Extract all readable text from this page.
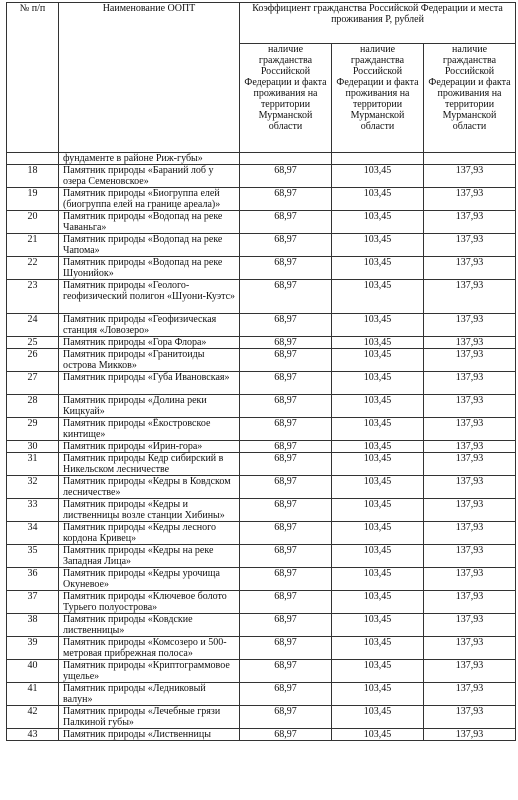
№ п/п	Наименование ООПТ	Коэффициент гражданства Российской Федерации и места проживания Р, рублей		
		наличие гражданства Российской Федерации и факта проживания на территории Мурманской области	наличие гражданства Российской Федерации и факта проживания на территории Мурманской области	наличие гражданства Российской Федерации и факта проживания на территории Мурманской области
	фундаменте в районе Риж-губы»			
18	Памятник природы «Бараний лоб у озера Семеновское»	68,97	103,45	137,93
19	Памятник природы «Биогруппа елей (биогруппа елей на границе ареала)»	68,97	103,45	137,93
20	Памятник природы «Водопад на реке Чаваньга»	68,97	103,45	137,93
21	Памятник природы «Водопад на реке Чапома»	68,97	103,45	137,93
22	Памятник природы «Водопад на реке Шуонийок»	68,97	103,45	137,93
23	Памятник природы «Геолого-геофизический полигон «Шуони-Куэтс»	68,97	103,45	137,93
24	Памятник природы «Геофизическая станция «Ловозеро»	68,97	103,45	137,93
25	Памятник природы «Гора Флора»	68,97	103,45	137,93
26	Памятник природы «Гранитоиды острова Микков»	68,97	103,45	137,93
27	Памятник природы «Губа Ивановская»	68,97	103,45	137,93
28	Памятник природы «Долина реки Кицкуай»	68,97	103,45	137,93
29	Памятник природы «Ёкостровское кинтище»	68,97	103,45	137,93
30	Памятник природы «Ирин-гора»	68,97	103,45	137,93
31	Памятник природы Кедр сибирский в Никельском лесничестве	68,97	103,45	137,93
32	Памятник природы «Кедры в Ковдском лесничестве»	68,97	103,45	137,93
33	Памятник природы «Кедры и лиственницы возле станции Хибины»	68,97	103,45	137,93
34	Памятник природы «Кедры лесного кордона Кривец»	68,97	103,45	137,93
35	Памятник природы «Кедры на реке Западная Лица»	68,97	103,45	137,93
36	Памятник природы «Кедры урочища Окуневое»	68,97	103,45	137,93
37	Памятник природы «Ключевое болото Турьего полуострова»	68,97	103,45	137,93
38	Памятник природы «Ковдские лиственницы»	68,97	103,45	137,93
39	Памятник природы «Комсозеро и 500-метровая прибрежная полоса»	68,97	103,45	137,93
40	Памятник природы «Криптограммовое ущелье»	68,97	103,45	137,93
41	Памятник природы «Ледниковый валун»	68,97	103,45	137,93
42	Памятник природы «Лечебные грязи Палкиной губы»	68,97	103,45	137,93
43	Памятник природы «Лиственницы	68,97	103,45	137,93
